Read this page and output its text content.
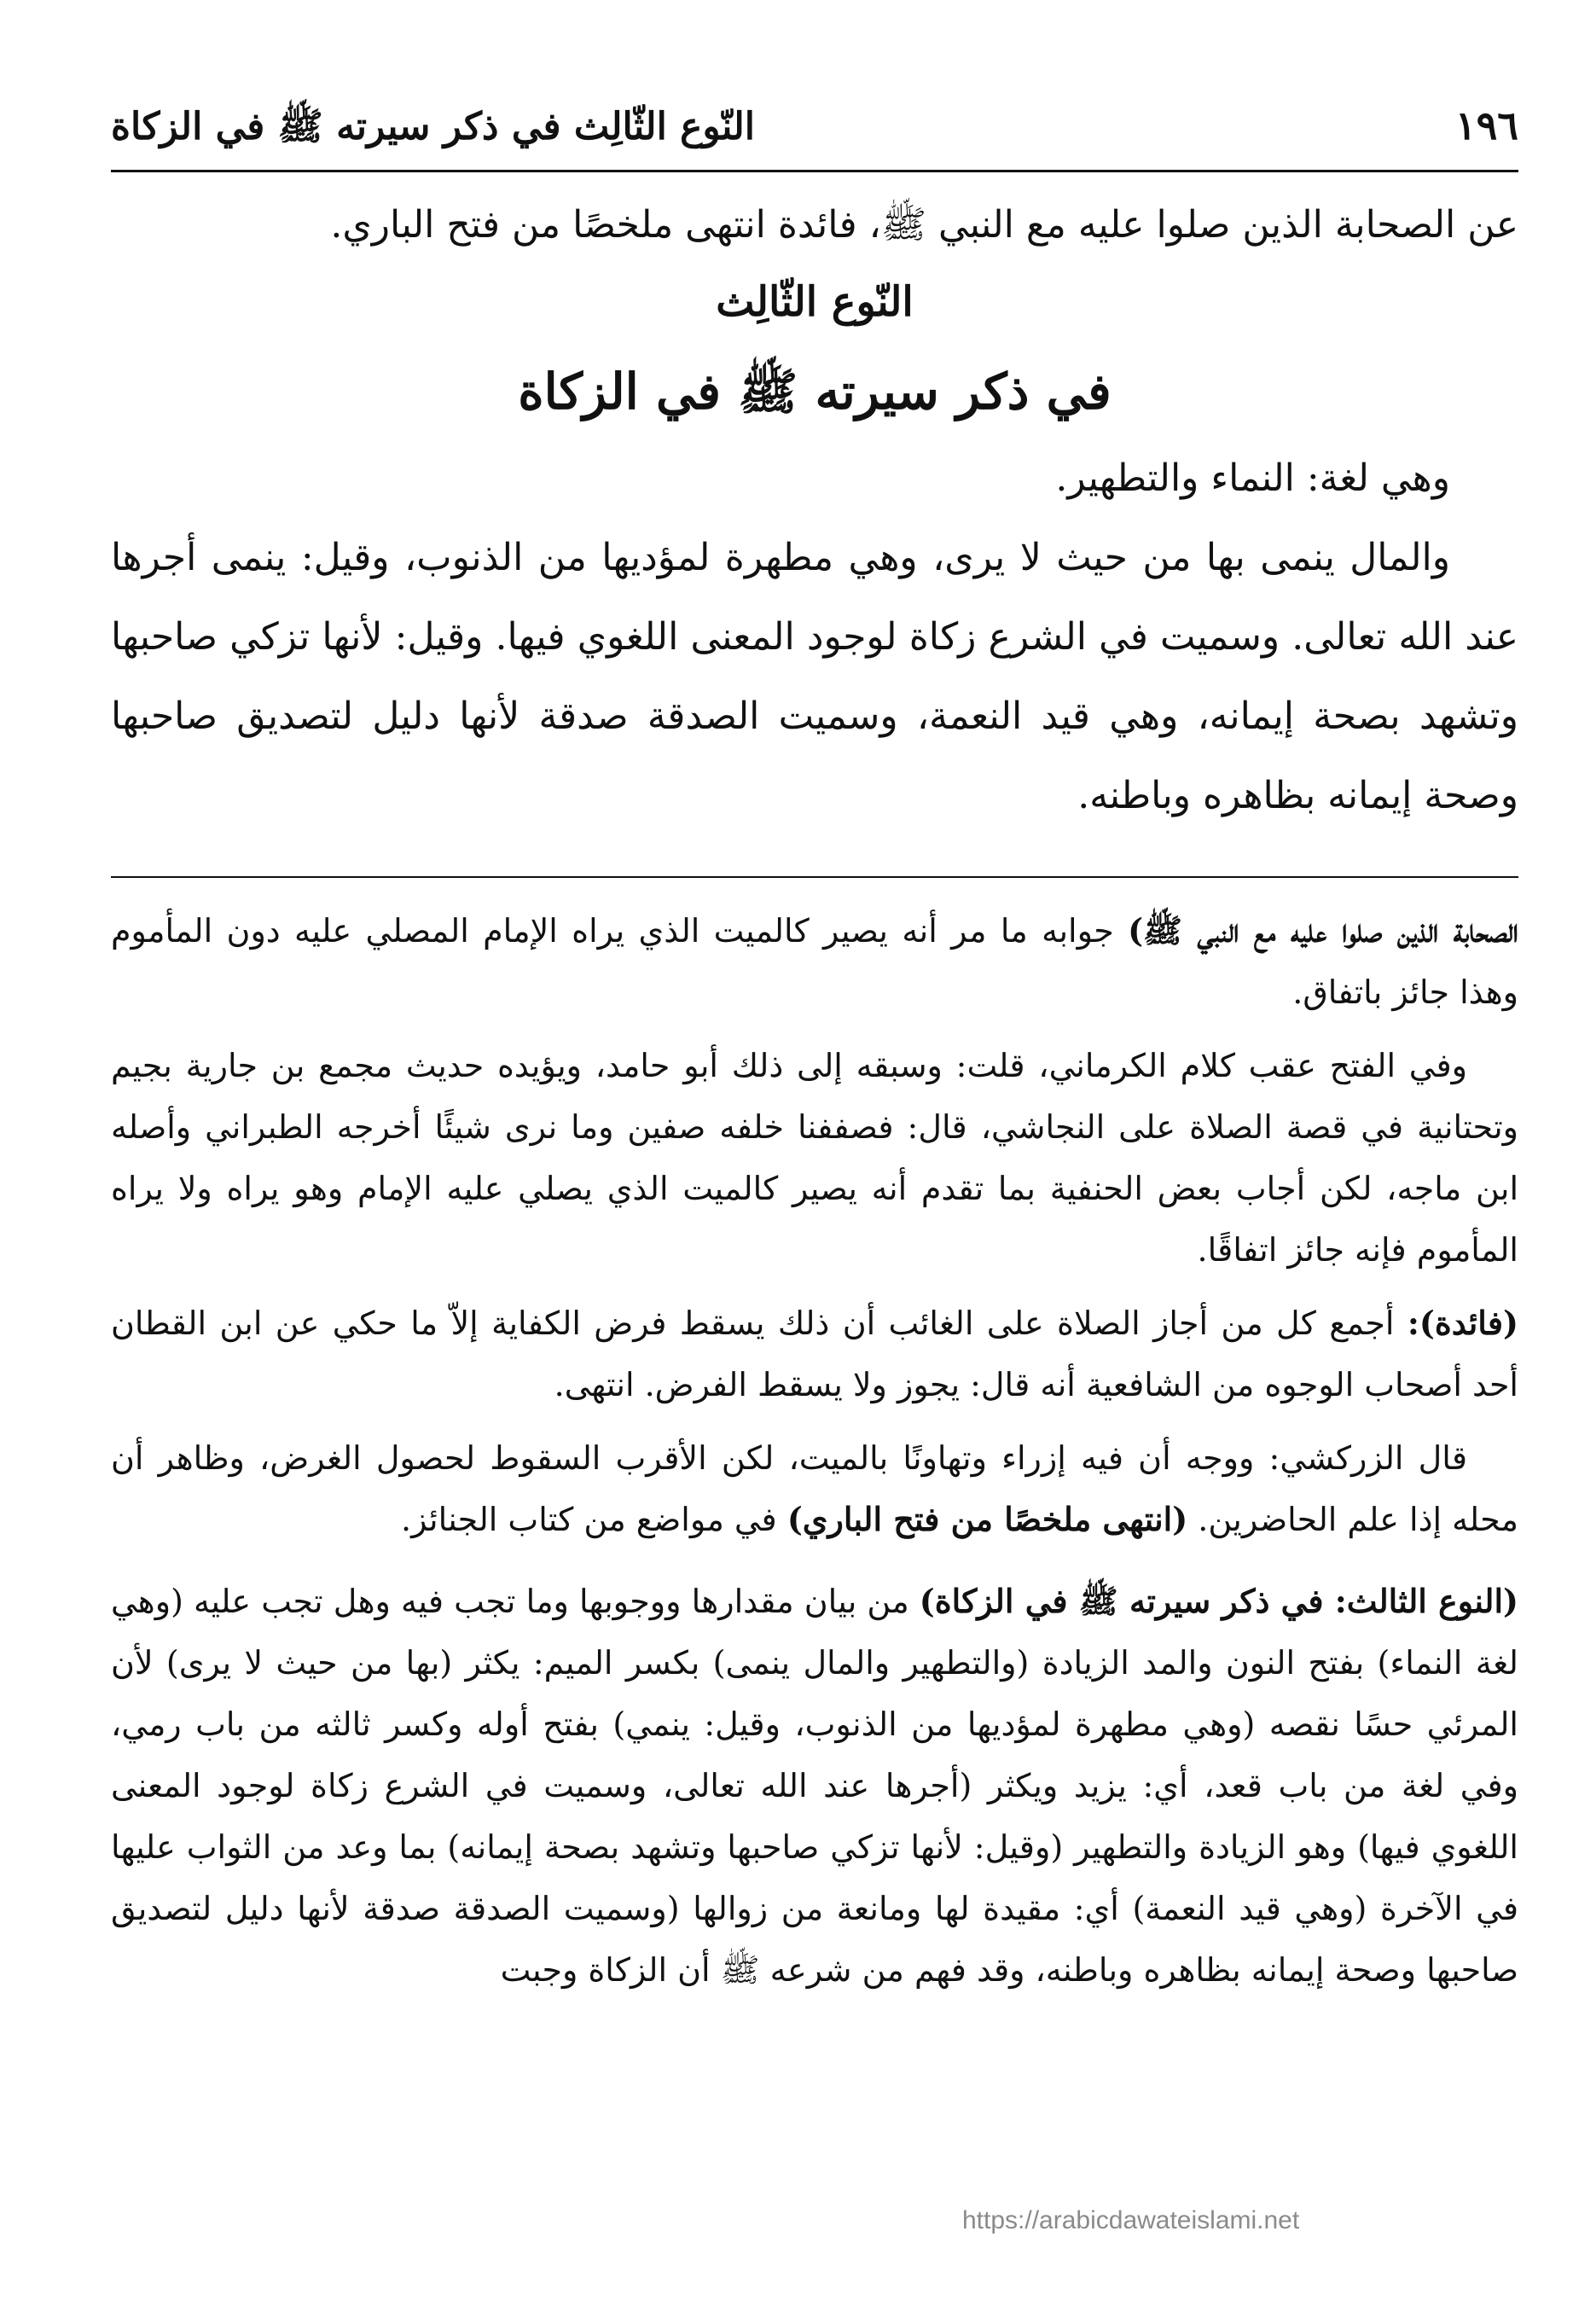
١٩٦
النّوع الثّالِث في ذكر سيرته ﷺ في الزكاة

عن الصحابة الذين صلوا عليه مع النبي ﷺ، فائدة انتهى ملخصًا من فتح الباري.

النّوع الثّالِث

في ذكر سيرته ﷺ في الزكاة

وهي لغة: النماء والتطهير.

والمال ينمى بها من حيث لا يرى، وهي مطهرة لمؤديها من الذنوب، وقيل: ينمى أجرها عند الله تعالى. وسميت في الشرع زكاة لوجود المعنى اللغوي فيها. وقيل: لأنها تزكي صاحبها وتشهد بصحة إيمانه، وهي قيد النعمة، وسميت الصدقة صدقة لأنها دليل لتصديق صاحبها وصحة إيمانه بظاهره وباطنه.

الصحابة الذين صلوا عليه مع النبي ﷺ) جوابه ما مر أنه يصير كالميت الذي يراه الإمام المصلي عليه دون المأموم وهذا جائز باتفاق.

وفي الفتح عقب كلام الكرماني، قلت: وسبقه إلى ذلك أبو حامد، ويؤيده حديث مجمع بن جارية بجيم وتحتانية في قصة الصلاة على النجاشي، قال: فصففنا خلفه صفين وما نرى شيئًا أخرجه الطبراني وأصله ابن ماجه، لكن أجاب بعض الحنفية بما تقدم أنه يصير كالميت الذي يصلي عليه الإمام وهو يراه ولا يراه المأموم فإنه جائز اتفاقًا.

(فائدة): أجمع كل من أجاز الصلاة على الغائب أن ذلك يسقط فرض الكفاية إلاّ ما حكي عن ابن القطان أحد أصحاب الوجوه من الشافعية أنه قال: يجوز ولا يسقط الفرض. انتهى.

قال الزركشي: ووجه أن فيه إزراء وتهاونًا بالميت، لكن الأقرب السقوط لحصول الغرض، وظاهر أن محله إذا علم الحاضرين. (انتهى ملخصًا من فتح الباري) في مواضع من كتاب الجنائز.

(النوع الثالث: في ذكر سيرته ﷺ في الزكاة) من بيان مقدارها ووجوبها وما تجب فيه وهل تجب عليه (وهي لغة النماء) بفتح النون والمد الزيادة (والتطهير والمال ينمى) بكسر الميم: يكثر (بها من حيث لا يرى) لأن المرئي حسًا نقصه (وهي مطهرة لمؤديها من الذنوب، وقيل: ينمي) بفتح أوله وكسر ثالثه من باب رمي، وفي لغة من باب قعد، أي: يزيد ويكثر (أجرها عند الله تعالى، وسميت في الشرع زكاة لوجود المعنى اللغوي فيها) وهو الزيادة والتطهير (وقيل: لأنها تزكي صاحبها وتشهد بصحة إيمانه) بما وعد من الثواب عليها في الآخرة (وهي قيد النعمة) أي: مقيدة لها ومانعة من زوالها (وسميت الصدقة صدقة لأنها دليل لتصديق صاحبها وصحة إيمانه بظاهره وباطنه، وقد فهم من شرعه ﷺ أن الزكاة وجبت

https://arabicdawateislami.net
